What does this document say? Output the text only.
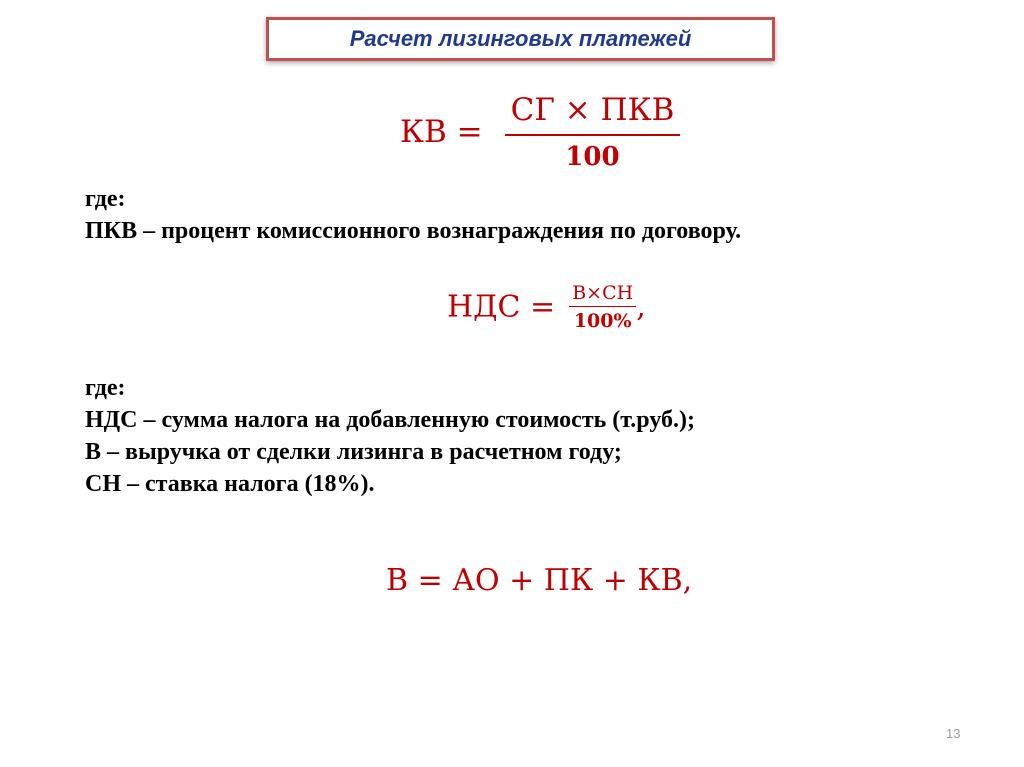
Расчет лизинговых платежей
КВ = $\frac{\text{СГ × ПКВ}}{100}$

где:

ПКВ – процент комиссионного вознаграждения по договору.

НДС = $\frac{В\times СН}{100\%}$ ,

где:

НДС – сумма налога на добавленную стоимость (т.руб.);

В – выручка от сделки лизинга в расчетном году;

СН – ставка налога (18%).

В = АО + ПК + КВ,
13
